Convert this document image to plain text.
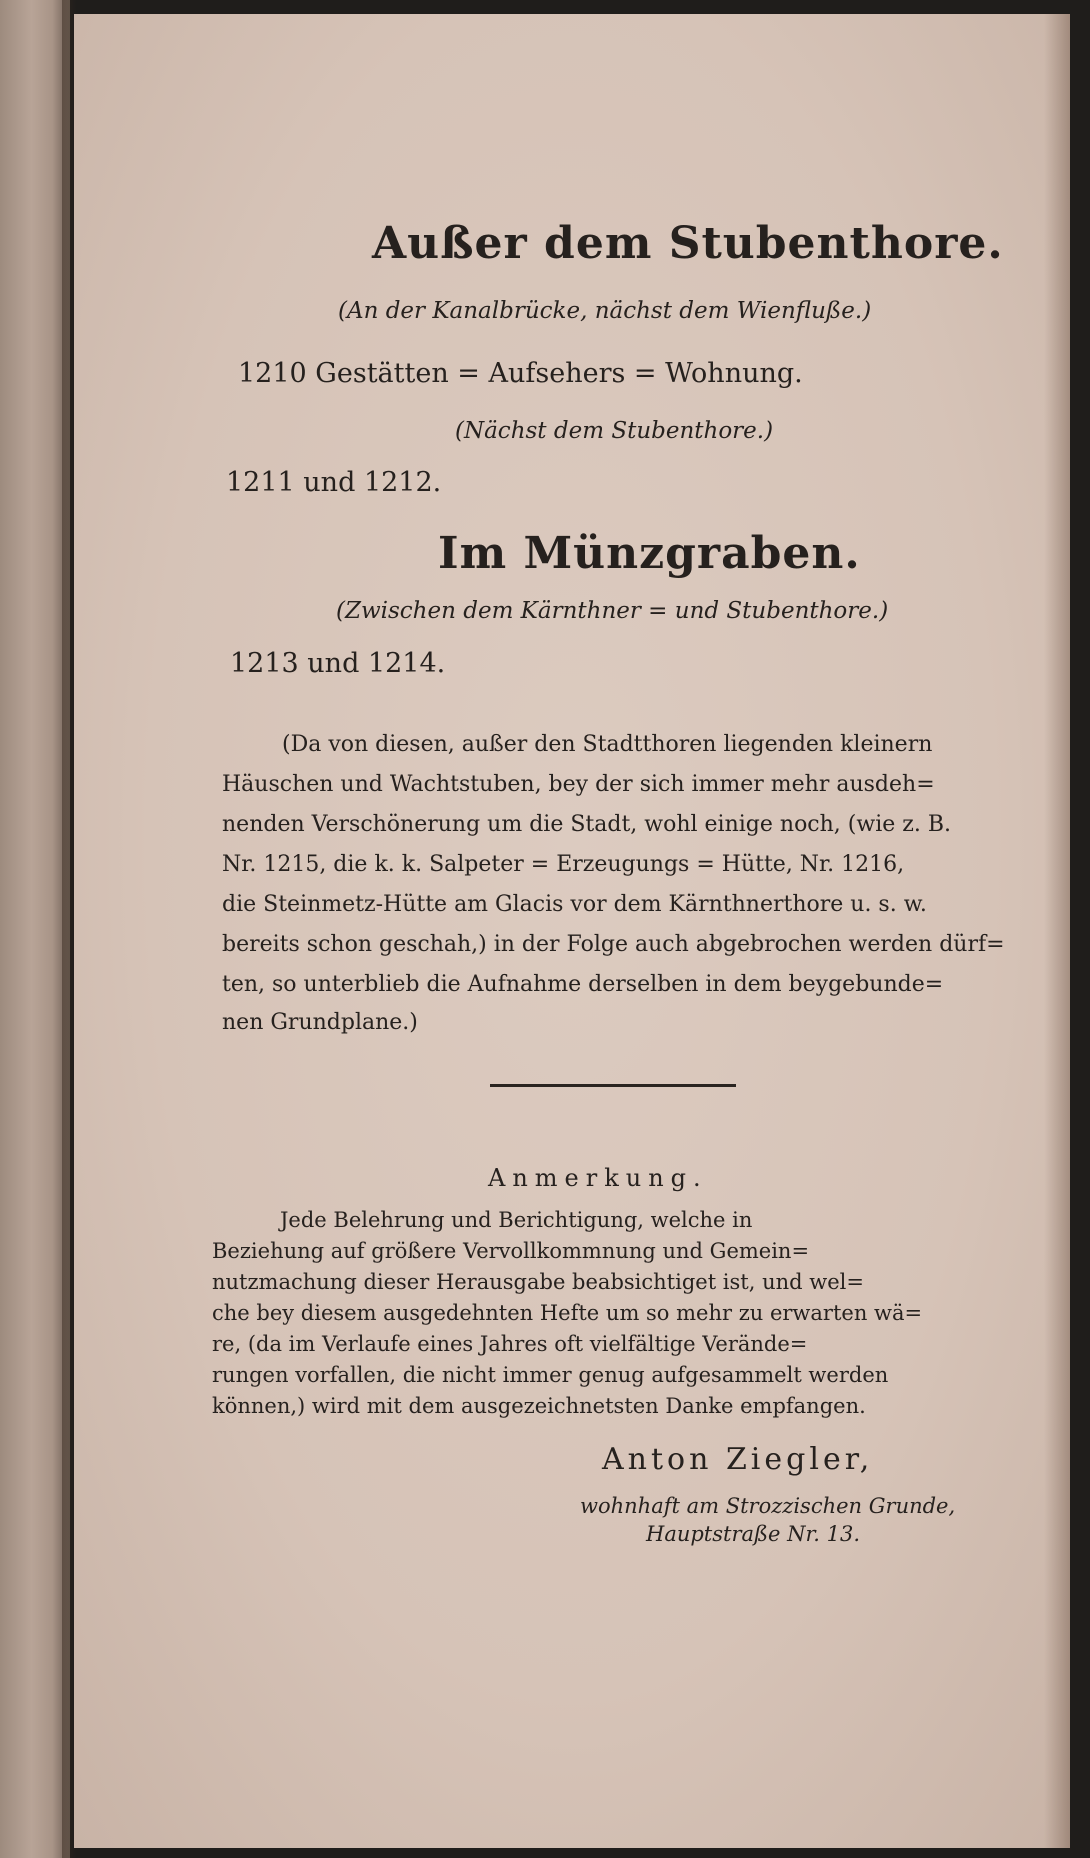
Außer dem Stubenthore.
(An der Kanalbrücke, nächst dem Wienfluße.)
1210 Gestätten = Aufsehers = Wohnung.
(Nächst dem Stubenthore.)
1211 und 1212.
Im Münzgraben.
(Zwischen dem Kärnthner = und Stubenthore.)
1213 und 1214.
(Da von diesen, außer den Stadtthoren liegenden kleinern
Häuschen und Wachtstuben, bey der sich immer mehr ausdeh=
nenden Verschönerung um die Stadt, wohl einige noch, (wie z. B.
Nr. 1215, die k. k. Salpeter = Erzeugungs = Hütte, Nr. 1216,
die Steinmetz-Hütte am Glacis vor dem Kärnthnerthore u. s. w.
bereits schon geschah,) in der Folge auch abgebrochen werden dürf=
ten, so unterblieb die Aufnahme derselben in dem beygebunde=
nen Grundplane.)
Anmerkung.
Jede Belehrung und Berichtigung, welche in
Beziehung auf größere Vervollkommnung und Gemein=
nutzmachung dieser Herausgabe beabsichtiget ist, und wel=
che bey diesem ausgedehnten Hefte um so mehr zu erwarten wä=
re, (da im Verlaufe eines Jahres oft vielfältige Verände=
rungen vorfallen, die nicht immer genug aufgesammelt werden
können,) wird mit dem ausgezeichnetsten Danke empfangen.
Anton Ziegler,
wohnhaft am Strozzischen Grunde,
Hauptstraße Nr. 13.
